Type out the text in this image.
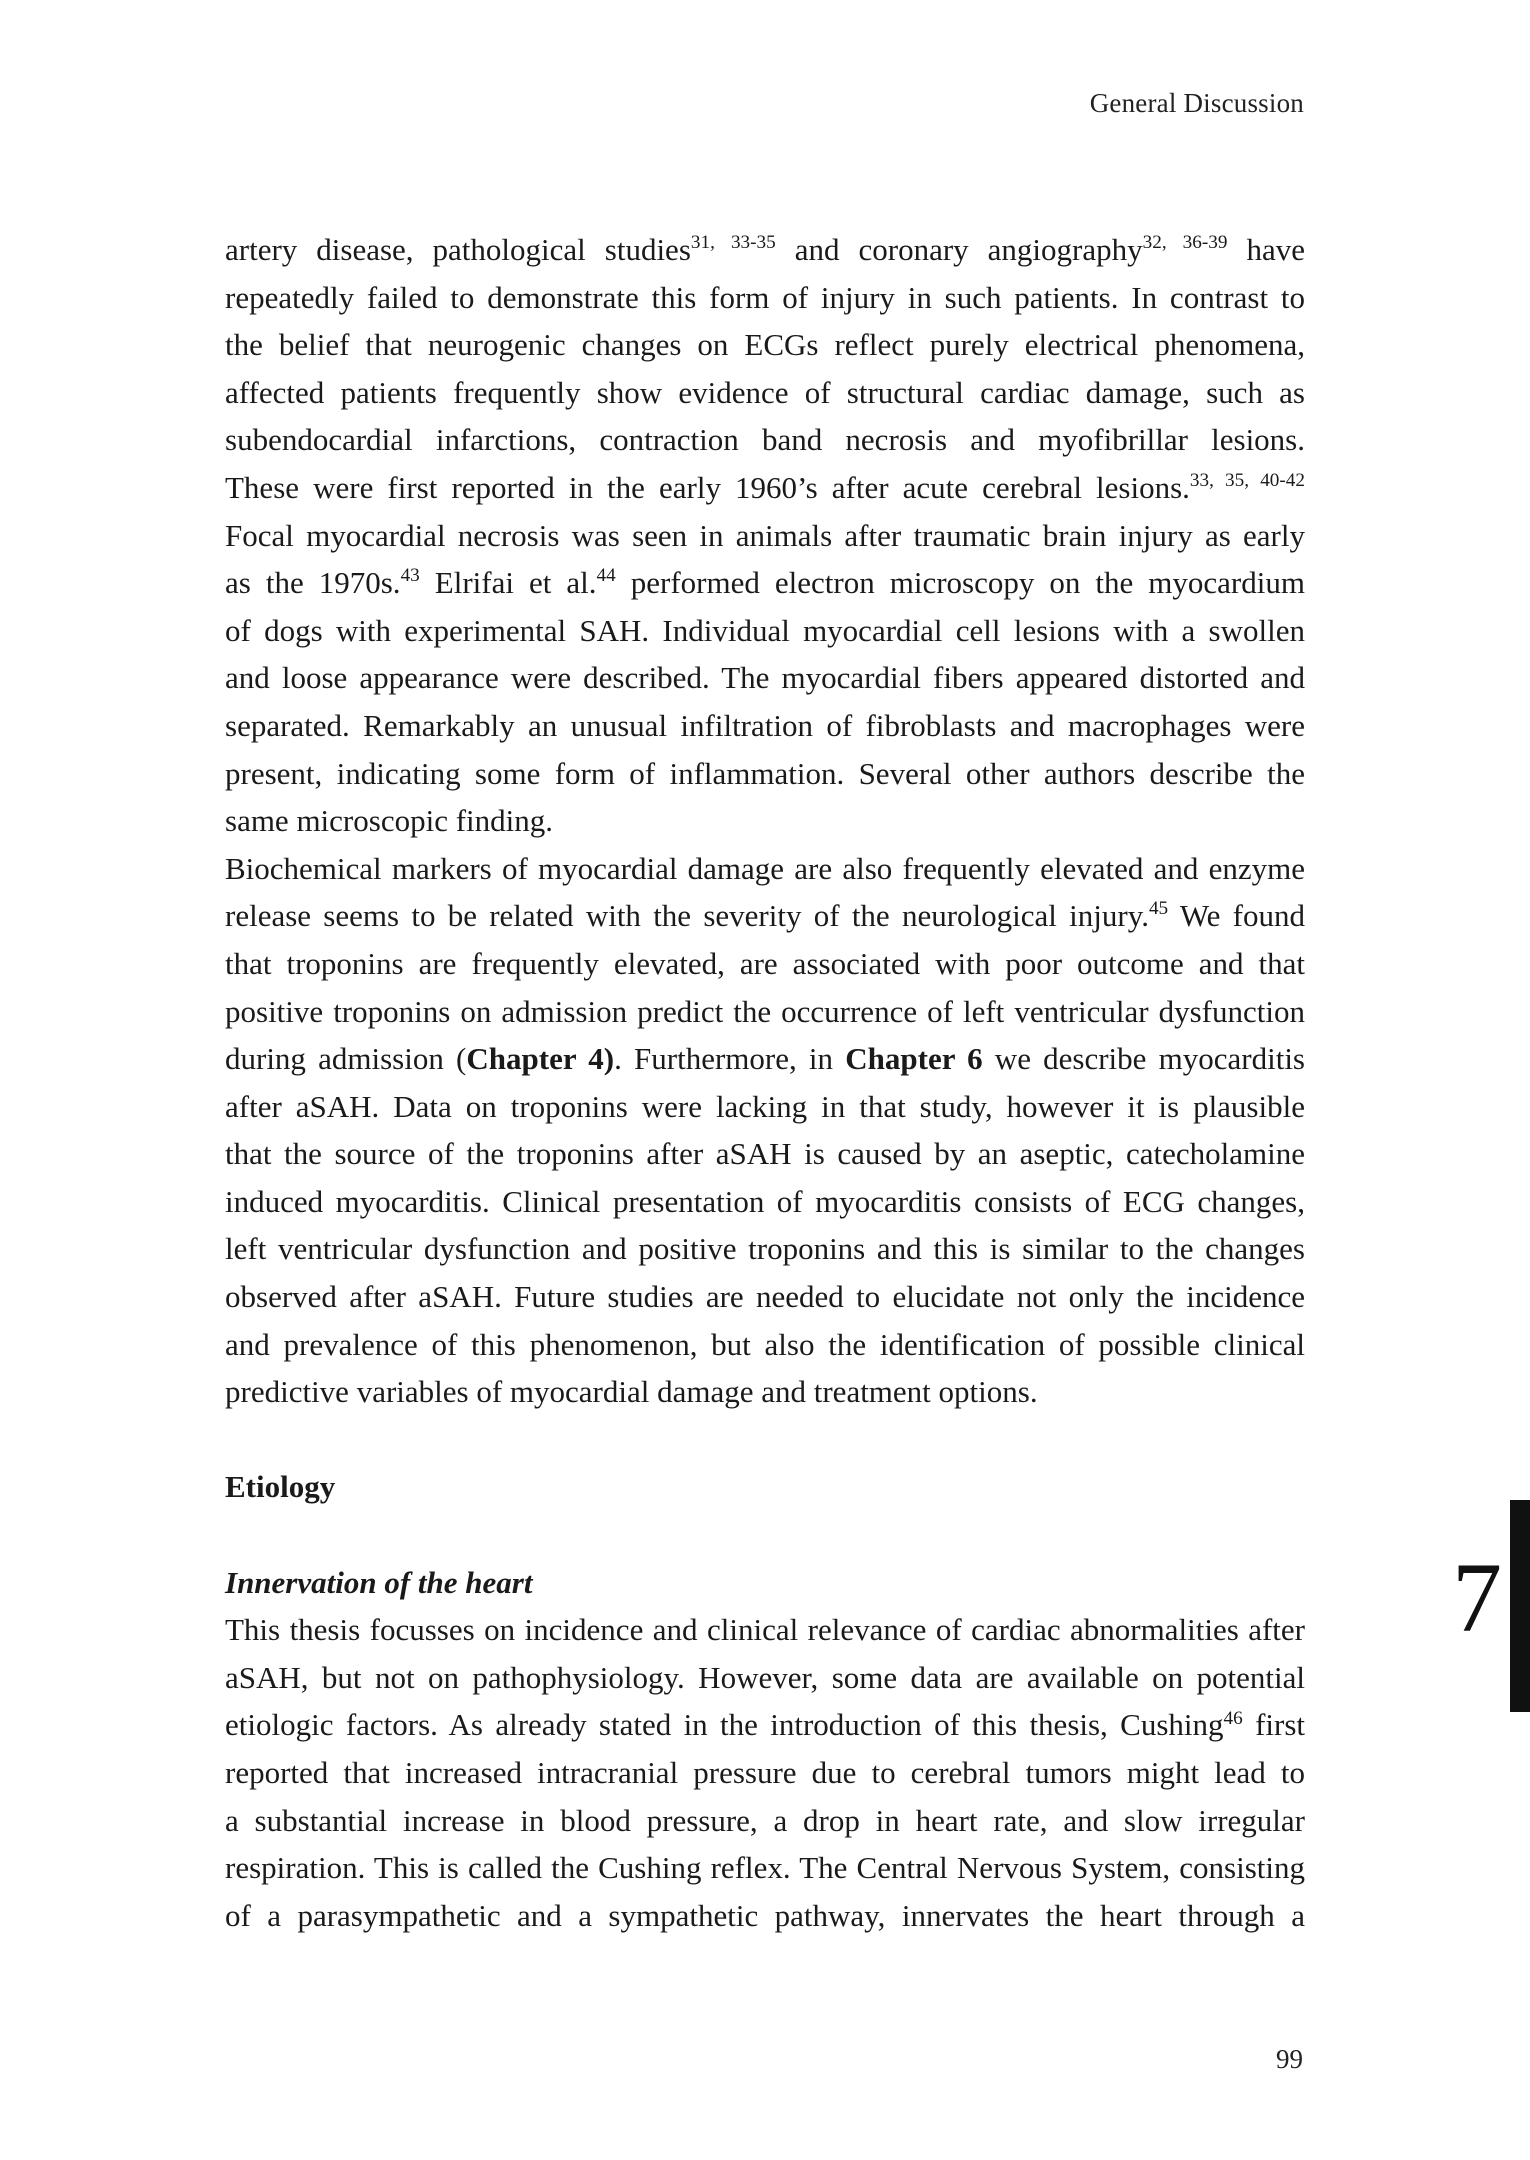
General Discussion
artery disease, pathological studies$^{31, 33-35}$ and coronary angiography$^{32, 36-39}$ have
repeatedly failed to demonstrate this form of injury in such patients. In contrast to
the belief that neurogenic changes on ECGs reflect purely electrical phenomena,
affected patients frequently show evidence of structural cardiac damage, such as
subendocardial infarctions, contraction band necrosis and myofibrillar lesions.
These were first reported in the early 1960’s after acute cerebral lesions.$^{33, 35, 40-42}$
Focal myocardial necrosis was seen in animals after traumatic brain injury as early
as the 1970s.$^{43}$ Elrifai et al.$^{44}$ performed electron microscopy on the myocardium
of dogs with experimental SAH. Individual myocardial cell lesions with a swollen
and loose appearance were described. The myocardial fibers appeared distorted and
separated. Remarkably an unusual infiltration of fibroblasts and macrophages were
present, indicating some form of inflammation. Several other authors describe the
same microscopic finding.
Biochemical markers of myocardial damage are also frequently elevated and enzyme
release seems to be related with the severity of the neurological injury.$^{45}$ We found
that troponins are frequently elevated, are associated with poor outcome and that
positive troponins on admission predict the occurrence of left ventricular dysfunction
during admission (Chapter 4). Furthermore, in Chapter 6 we describe myocarditis
after aSAH. Data on troponins were lacking in that study, however it is plausible
that the source of the troponins after aSAH is caused by an aseptic, catecholamine
induced myocarditis. Clinical presentation of myocarditis consists of ECG changes,
left ventricular dysfunction and positive troponins and this is similar to the changes
observed after aSAH. Future studies are needed to elucidate not only the incidence
and prevalence of this phenomenon, but also the identification of possible clinical
predictive variables of myocardial damage and treatment options.
Etiology
Innervation of the heart
This thesis focusses on incidence and clinical relevance of cardiac abnormalities after
aSAH, but not on pathophysiology. However, some data are available on potential
etiologic factors. As already stated in the introduction of this thesis, Cushing$^{46}$ first
reported that increased intracranial pressure due to cerebral tumors might lead to
a substantial increase in blood pressure, a drop in heart rate, and slow irregular
respiration. This is called the Cushing reflex. The Central Nervous System, consisting
of a parasympathetic and a sympathetic pathway, innervates the heart through a
7
99
